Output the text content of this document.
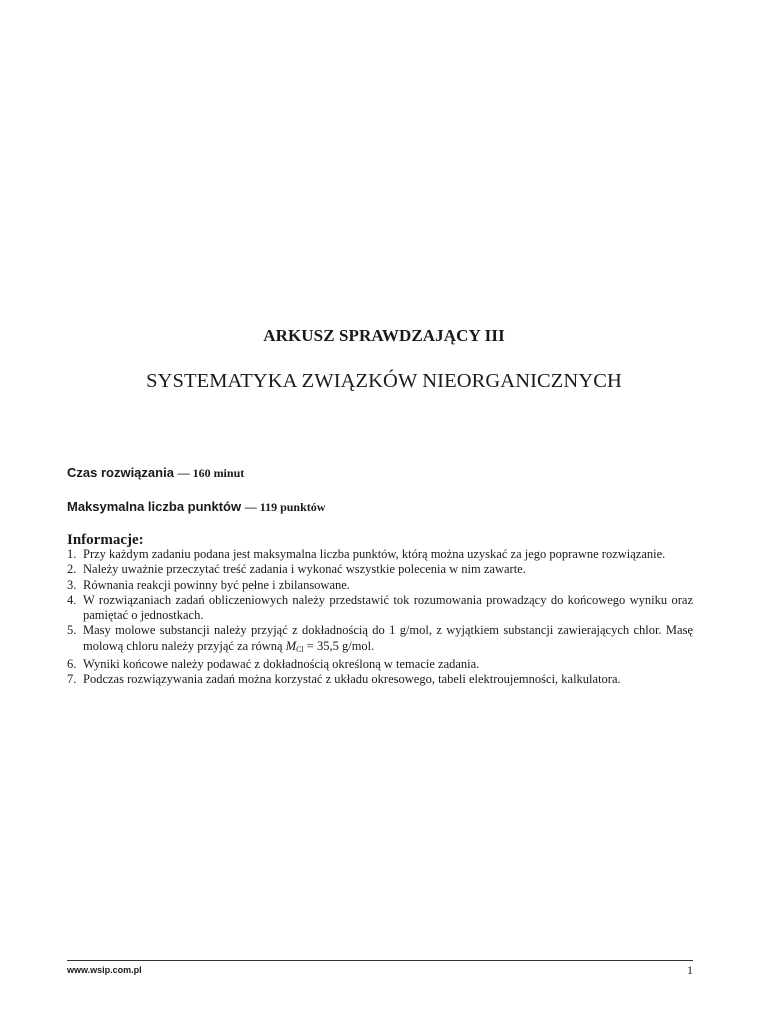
ARKUSZ SPRAWDZAJĄCY III
SYSTEMATYKA ZWIĄZKÓW NIEORGANICZNYCH
Czas rozwiązania — 160 minut
Maksymalna liczba punktów — 119 punktów
Informacje:
1. Przy każdym zadaniu podana jest maksymalna liczba punktów, którą można uzyskać za jego poprawne rozwiązanie.
2. Należy uważnie przeczytać treść zadania i wykonać wszystkie polecenia w nim zawarte.
3. Równania reakcji powinny być pełne i zbilansowane.
4. W rozwiązaniach zadań obliczeniowych należy przedstawić tok rozumowania prowadzący do końcowego wyniku oraz pamiętać o jednostkach.
5. Masy molowe substancji należy przyjąć z dokładnością do 1 g/mol, z wyjątkiem substancji zawierających chlor. Masę molową chloru należy przyjąć za równą $M_{Cl} = 35,5$ g/mol.
6. Wyniki końcowe należy podawać z dokładnością określoną w temacie zadania.
7. Podczas rozwiązywania zadań można korzystać z układu okresowego, tabeli elektroujemności, kalkulatora.
www.wsip.com.pl	1
